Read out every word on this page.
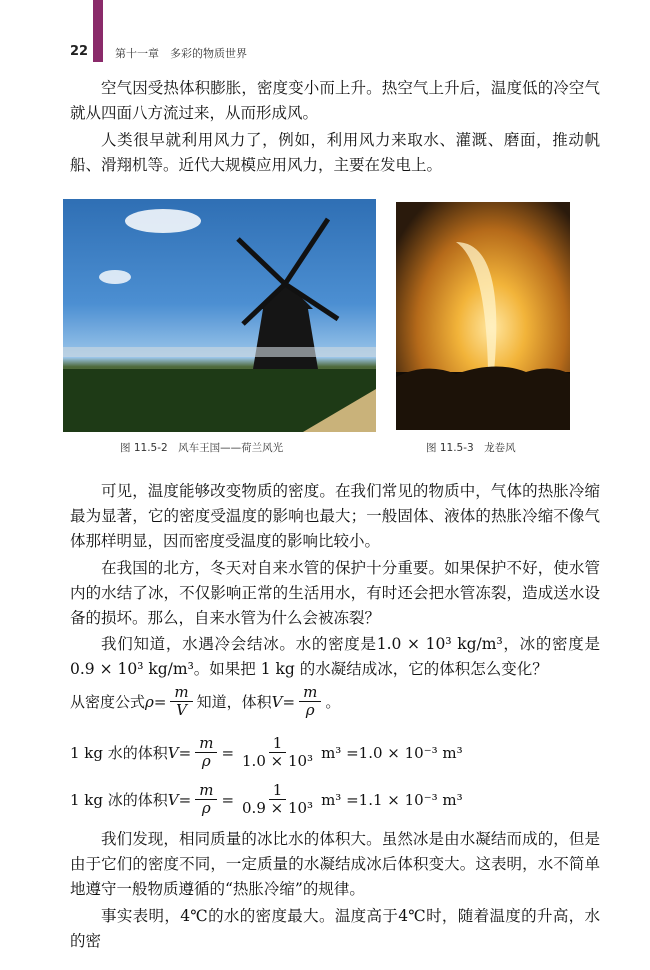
22 第十一章　多彩的物质世界

空气因受热体积膨胀，密度变小而上升。热空气上升后，温度低的冷空气就从四面八方流过来，从而形成风。

人类很早就利用风力了，例如，利用风力来取水、灌溉、磨面，推动帆船、滑翔机等。近代大规模应用风力，主要在发电上。

图 11.5-2　风车王国——荷兰风光	图 11.5-3　龙卷风

可见，温度能够改变物质的密度。在我们常见的物质中，气体的热胀冷缩最为显著，它的密度受温度的影响也最大；一般固体、液体的热胀冷缩不像气体那样明显，因而密度受温度的影响比较小。

在我国的北方，冬天对自来水管的保护十分重要。如果保护不好，使水管内的水结了冰，不仅影响正常的生活用水，有时还会把水管冻裂，造成送水设备的损坏。那么，自来水管为什么会被冻裂？

我们知道，水遇冷会结冰。水的密度是1.0 × 10³ kg/m³，冰的密度是0.9 × 10³ kg/m³。如果把 1 kg 的水凝结成冰，它的体积怎么变化？

从密度公式 $\rho = \frac{m}{V}$ 知道，体积 $V = \frac{m}{\rho}$ 。
1 kg 水的体积 $V = \frac{m}{\rho} = \frac{1}{\text{1.0 × 10³}} m^3 =1.0 \times 10^{-3}$ m³
1 kg 冰的体积 $V = \frac{m}{\rho} = \frac{1}{\text{0.9 × 10³}} m^3 =1.1 \times 10^{-3}$ m³

我们发现，相同质量的冰比水的体积大。虽然冰是由水凝结而成的，但是由于它们的密度不同，一定质量的水凝结成冰后体积变大。这表明，水不简单地遵守一般物质遵循的“热胀冷缩”的规律。

事实表明，4℃的水的密度最大。温度高于4℃时，随着温度的升高，水的密
